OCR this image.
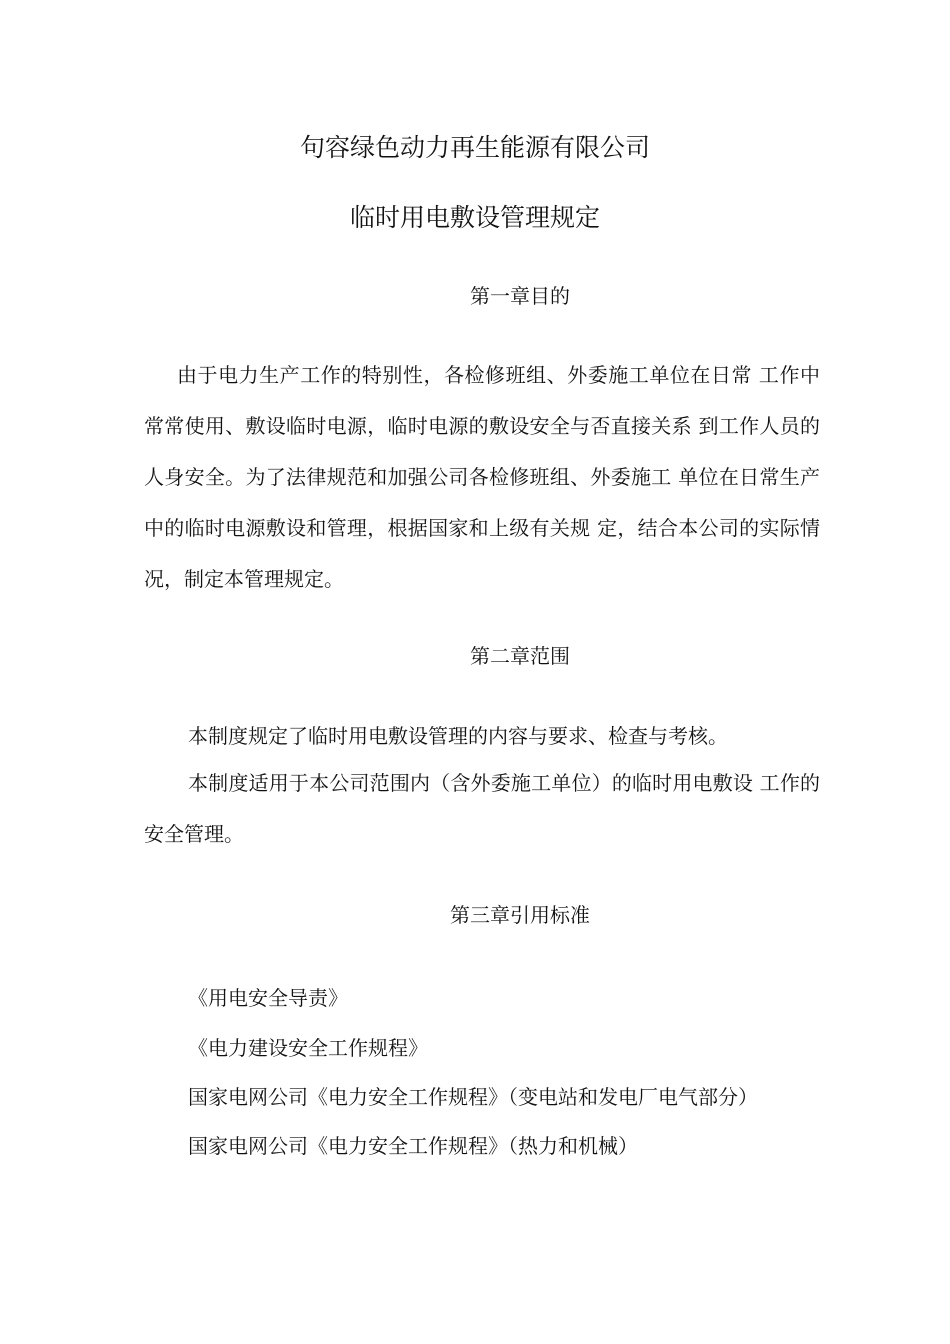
句容绿色动力再生能源有限公司
临时用电敷设管理规定
第一章目的

由于电力生产工作的特别性，各检修班组、外委施工单位在日常 工作中常常使用、敷设临时电源，临时电源的敷设安全与否直接关系 到工作人员的人身安全。为了法律规范和加强公司各检修班组、外委施工 单位在日常生产中的临时电源敷设和管理，根据国家和上级有关规 定，结合本公司的实际情况，制定本管理规定。

第二章范围
本制度规定了临时用电敷设管理的内容与要求、检查与考核。

本制度适用于本公司范围内（含外委施工单位）的临时用电敷设 工作的安全管理。

第三章引用标准
《用电安全导责》
《电力建设安全工作规程》
国家电网公司《电力安全工作规程》（变电站和发电厂电气部分）
国家电网公司《电力安全工作规程》（热力和机械）
